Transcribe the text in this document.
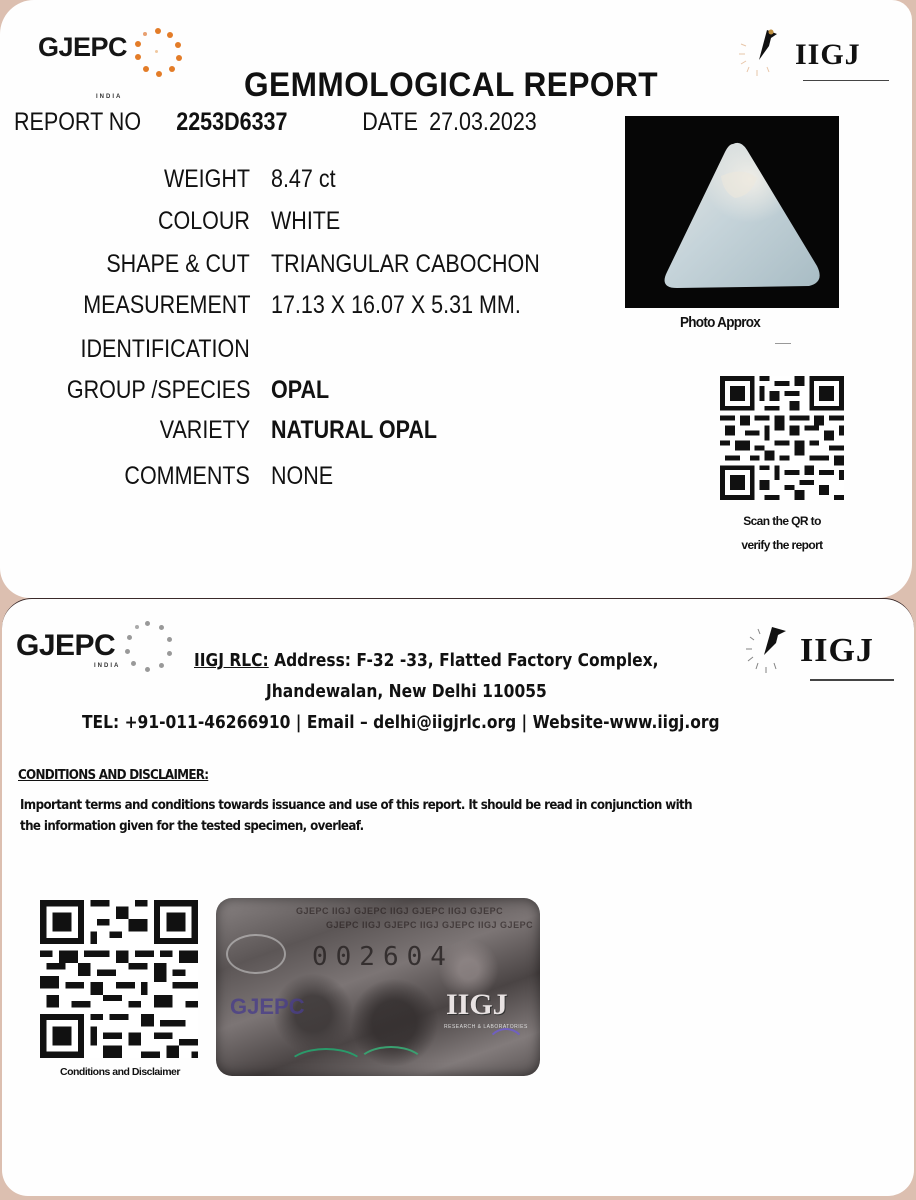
GJEPC
INDIA
IIGJ
GEMMOLOGICAL REPORT
REPORT NO 2253D6337	DATE 27.03.2023
WEIGHT 8.47 ct
COLOUR WHITE
SHAPE & CUT TRIANGULAR CABOCHON
MEASUREMENT 17.13 X 16.07 X 5.31 MM.
IDENTIFICATION
GROUP /SPECIES OPAL
VARIETY NATURAL OPAL
COMMENTS NONE
Photo Approx
Scan the QR to
verify the report
GJEPC
INDIA	IIGJ
IIGJ RLC: Address: F-32 -33, Flatted Factory Complex,
Jhandewalan, New Delhi 110055
TEL: +91-011-46266910 | Email – delhi@iigjrlc.org | Website-www.iigj.org
CONDITIONS AND DISCLAIMER:
Important terms and conditions towards issuance and use of this report. It should be read in conjunction with
the information given for the tested specimen, overleaf.
Conditions and Disclaimer
GJEPC IIGJ GJEPC IIGJ GJEPC IIGJ GJEPC
GJEPC IIGJ GJEPC IIGJ GJEPC IIGJ GJEPC
002604
GJEPC	IIGJ
RESEARCH & LABORATORIES
